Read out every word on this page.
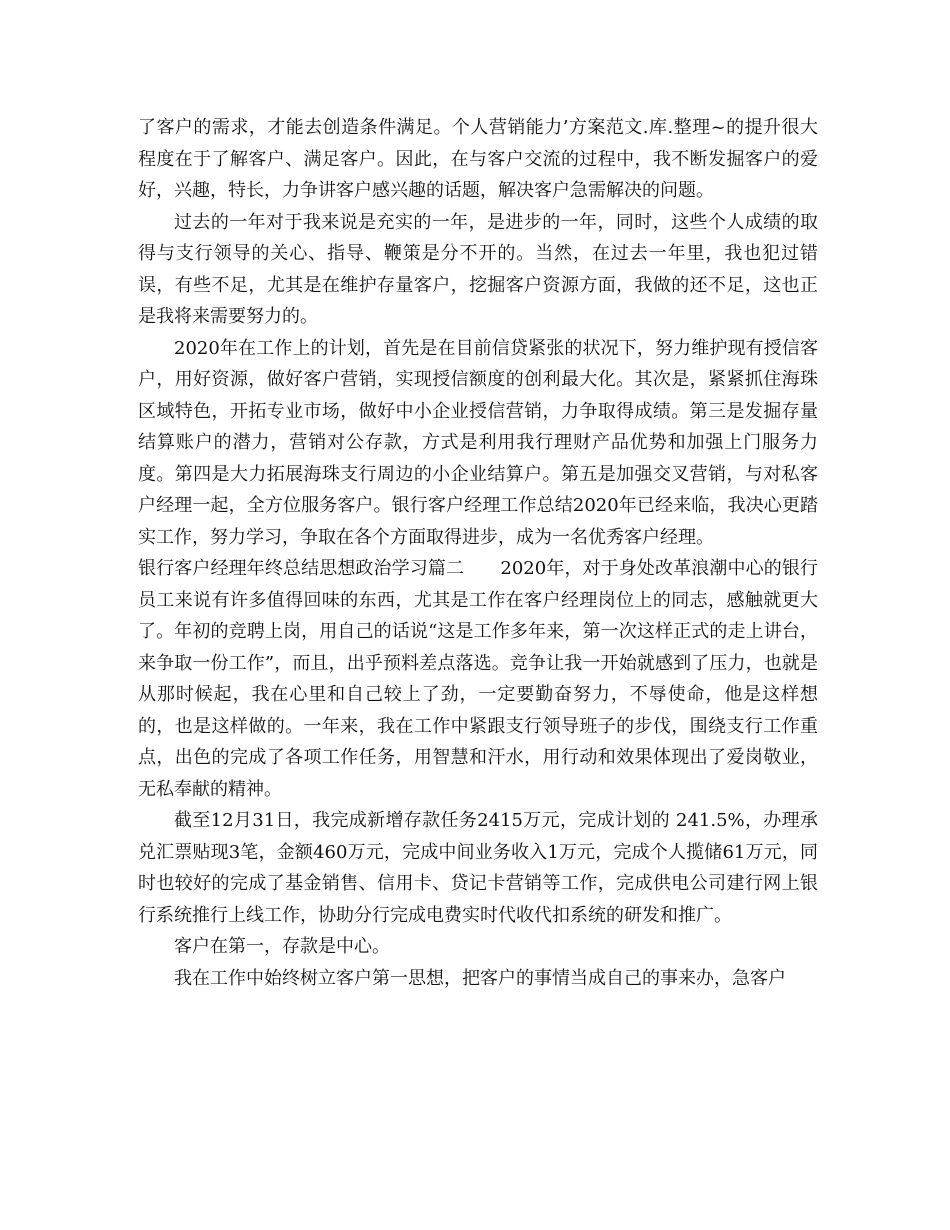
了客户的需求，才能去创造条件满足。个人营销能力’方案范文.库.整理~的提升很大程度在于了解客户、满足客户。因此，在与客户交流的过程中，我不断发掘客户的爱好，兴趣，特长，力争讲客户感兴趣的话题，解决客户急需解决的问题。

过去的一年对于我来说是充实的一年，是进步的一年，同时，这些个人成绩的取得与支行领导的关心、指导、鞭策是分不开的。当然，在过去一年里，我也犯过错误，有些不足，尤其是在维护存量客户，挖掘客户资源方面，我做的还不足，这也正是我将来需要努力的。

2020年在工作上的计划，首先是在目前信贷紧张的状况下，努力维护现有授信客户，用好资源，做好客户营销，实现授信额度的创利最大化。其次是，紧紧抓住海珠区域特色，开拓专业市场，做好中小企业授信营销，力争取得成绩。第三是发掘存量结算账户的潜力，营销对公存款，方式是利用我行理财产品优势和加强上门服务力度。第四是大力拓展海珠支行周边的小企业结算户。第五是加强交叉营销，与对私客户经理一起，全方位服务客户。银行客户经理工作总结2020年已经来临，我决心更踏实工作，努力学习，争取在各个方面取得进步，成为一名优秀客户经理。

银行客户经理年终总结思想政治学习篇二　　2020年，对于身处改革浪潮中心的银行员工来说有许多值得回味的东西，尤其是工作在客户经理岗位上的同志，感触就更大了。年初的竞聘上岗，用自己的话说“这是工作多年来，第一次这样正式的走上讲台，来争取一份工作”，而且，出乎预料差点落选。竞争让我一开始就感到了压力，也就是从那时候起，我在心里和自己较上了劲，一定要勤奋努力，不辱使命，他是这样想的，也是这样做的。一年来，我在工作中紧跟支行领导班子的步伐，围绕支行工作重点，出色的完成了各项工作任务，用智慧和汗水，用行动和效果体现出了爱岗敬业，无私奉献的精神。

截至12月31日，我完成新增存款任务2415万元，完成计划的 241.5%，办理承兑汇票贴现3笔，金额460万元，完成中间业务收入1万元，完成个人揽储61万元，同时也较好的完成了基金销售、信用卡、贷记卡营销等工作，完成供电公司建行网上银行系统推行上线工作，协助分行完成电费实时代收代扣系统的研发和推广。

客户在第一，存款是中心。

我在工作中始终树立客户第一思想，把客户的事情当成自己的事来办，急客户
